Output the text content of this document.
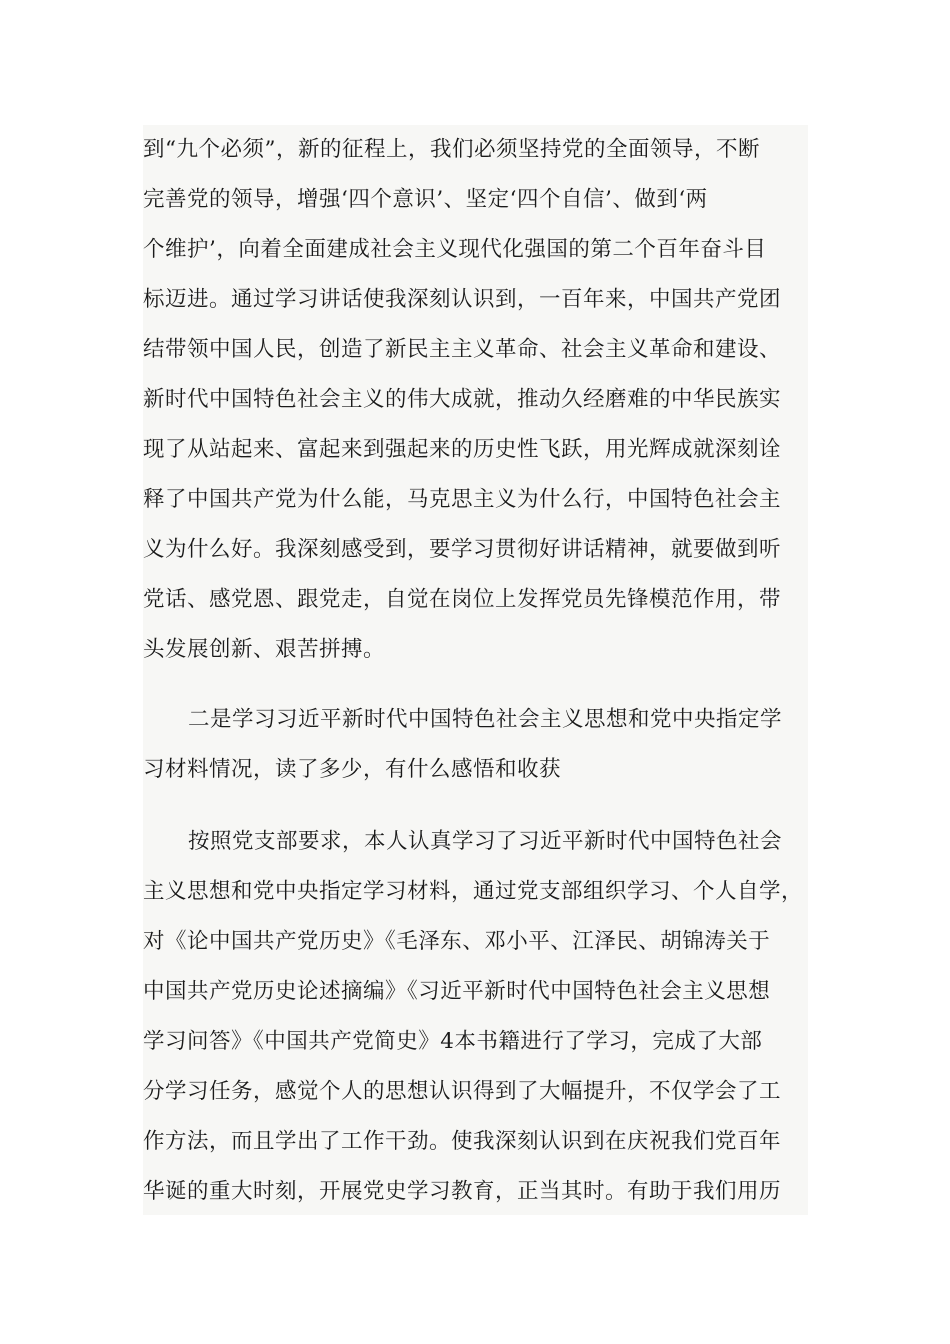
到“九个必须”，新的征程上，我们必须坚持党的全面领导，不断
完善党的领导，增强‘四个意识’、坚定‘四个自信’、做到‘两
个维护’，向着全面建成社会主义现代化强国的第二个百年奋斗目
标迈进。通过学习讲话使我深刻认识到，一百年来，中国共产党团
结带领中国人民，创造了新民主主义革命、社会主义革命和建设、
新时代中国特色社会主义的伟大成就，推动久经磨难的中华民族实
现了从站起来、富起来到强起来的历史性飞跃，用光辉成就深刻诠
释了中国共产党为什么能，马克思主义为什么行，中国特色社会主
义为什么好。我深刻感受到，要学习贯彻好讲话精神，就要做到听
党话、感党恩、跟党走，自觉在岗位上发挥党员先锋模范作用，带
头发展创新、艰苦拼搏。
二是学习习近平新时代中国特色社会主义思想和党中央指定学
习材料情况，读了多少，有什么感悟和收获
按照党支部要求，本人认真学习了习近平新时代中国特色社会
主义思想和党中央指定学习材料，通过党支部组织学习、个人自学，
对《论中国共产党历史》《毛泽东、邓小平、江泽民、胡锦涛关于
中国共产党历史论述摘编》《习近平新时代中国特色社会主义思想
学习问答》《中国共产党简史》4本书籍进行了学习，完成了大部
分学习任务，感觉个人的思想认识得到了大幅提升，不仅学会了工
作方法，而且学出了工作干劲。使我深刻认识到在庆祝我们党百年
华诞的重大时刻，开展党史学习教育，正当其时。有助于我们用历
